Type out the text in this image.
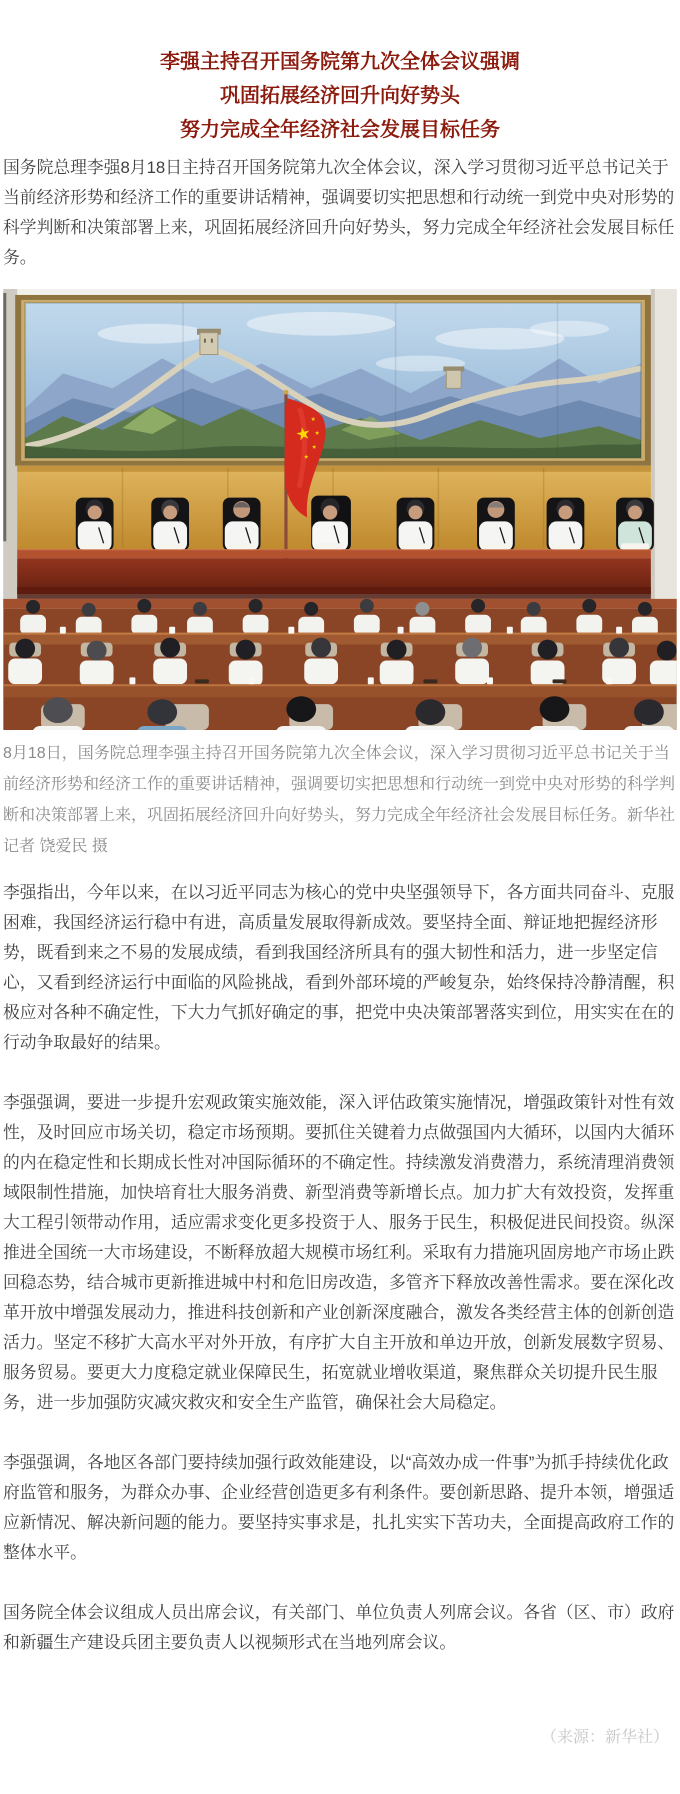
李强主持召开国务院第九次全体会议强调
巩固拓展经济回升向好势头
努力完成全年经济社会发展目标任务

国务院总理李强8月18日主持召开国务院第九次全体会议，深入学习贯彻习近平总书记关于当前经济形势和经济工作的重要讲话精神，强调要切实把思想和行动统一到党中央对形势的科学判断和决策部署上来，巩固拓展经济回升向好势头，努力完成全年经济社会发展目标任务。

8月18日，国务院总理李强主持召开国务院第九次全体会议，深入学习贯彻习近平总书记关于当前经济形势和经济工作的重要讲话精神，强调要切实把思想和行动统一到党中央对形势的科学判断和决策部署上来，巩固拓展经济回升向好势头，努力完成全年经济社会发展目标任务。新华社记者 饶爱民 摄

李强指出，今年以来，在以习近平同志为核心的党中央坚强领导下，各方面共同奋斗、克服困难，我国经济运行稳中有进，高质量发展取得新成效。要坚持全面、辩证地把握经济形势，既看到来之不易的发展成绩，看到我国经济所具有的强大韧性和活力，进一步坚定信心，又看到经济运行中面临的风险挑战，看到外部环境的严峻复杂，始终保持冷静清醒，积极应对各种不确定性，下大力气抓好确定的事，把党中央决策部署落实到位，用实实在在的行动争取最好的结果。

李强强调，要进一步提升宏观政策实施效能，深入评估政策实施情况，增强政策针对性有效性，及时回应市场关切，稳定市场预期。要抓住关键着力点做强国内大循环，以国内大循环的内在稳定性和长期成长性对冲国际循环的不确定性。持续激发消费潜力，系统清理消费领域限制性措施，加快培育壮大服务消费、新型消费等新增长点。加力扩大有效投资，发挥重大工程引领带动作用，适应需求变化更多投资于人、服务于民生，积极促进民间投资。纵深推进全国统一大市场建设，不断释放超大规模市场红利。采取有力措施巩固房地产市场止跌回稳态势，结合城市更新推进城中村和危旧房改造，多管齐下释放改善性需求。要在深化改革开放中增强发展动力，推进科技创新和产业创新深度融合，激发各类经营主体的创新创造活力。坚定不移扩大高水平对外开放，有序扩大自主开放和单边开放，创新发展数字贸易、服务贸易。要更大力度稳定就业保障民生，拓宽就业增收渠道，聚焦群众关切提升民生服务，进一步加强防灾减灾救灾和安全生产监管，确保社会大局稳定。

李强强调，各地区各部门要持续加强行政效能建设，以“高效办成一件事”为抓手持续优化政府监管和服务，为群众办事、企业经营创造更多有利条件。要创新思路、提升本领，增强适应新情况、解决新问题的能力。要坚持实事求是，扎扎实实下苦功夫，全面提高政府工作的整体水平。

国务院全体会议组成人员出席会议，有关部门、单位负责人列席会议。各省（区、市）政府和新疆生产建设兵团主要负责人以视频形式在当地列席会议。

（来源：新华社）
